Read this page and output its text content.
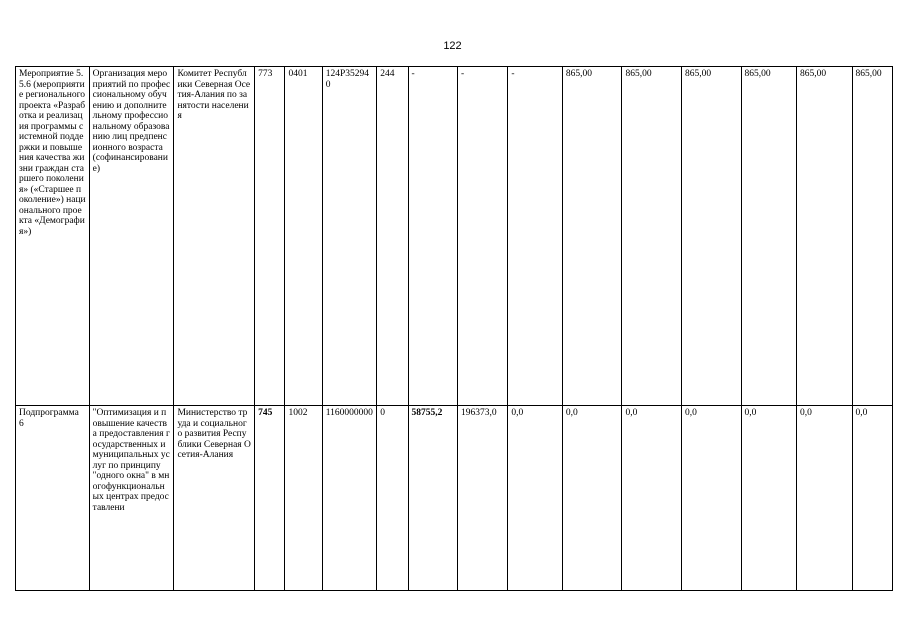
122
Мероприятие 5.5.6 (мероприятие регионального проекта «Разработка и реализация программы системной поддержки и повышения качества жизни граждан старшего поколения» («Старшее поколение») национального проекта «Демография»)	Организация мероприятий по профессиональному обучению и дополнительному профессиональному образованию лиц предпенсионного возраста (софинансирование)	Комитет Республики Северная Осетия-Алания по занятости населения	773	0401	124P352940	244	-	-	-	865,00	865,00	865,00	865,00	865,00	865,00
Подпрограмма 6	"Оптимизация и повышение качества предоставления государственных и муниципальных услуг по принципу "одного окна" в многофункциональных центрах предоставлени	Министерство труда и социального развития Республики Северная Осетия-Алания	745	1002	1160000000	0	58755,2	196373,0	0,0	0,0	0,0	0,0	0,0	0,0	0,0
